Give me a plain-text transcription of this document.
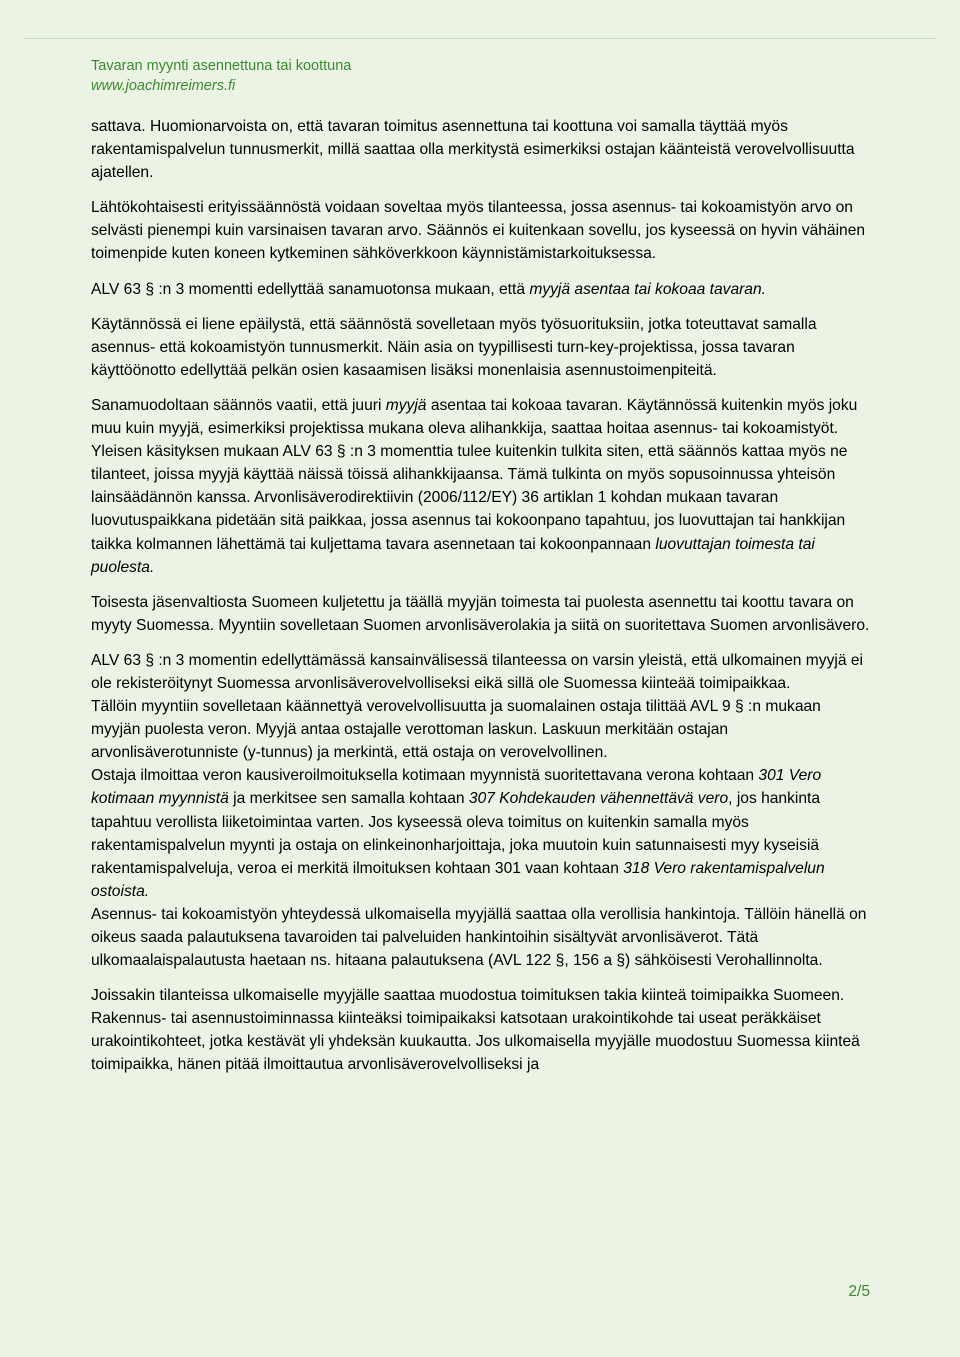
Tavaran myynti asennettuna tai koottuna
www.joachimreimers.fi

sattava. Huomionarvoista on, että tavaran toimitus asennettuna tai koottuna voi samalla täyttää myös rakentamispalvelun tunnusmerkit, millä saattaa olla merkitystä esimerkiksi ostajan käänteistä verovelvollisuutta ajatellen.

Lähtökohtaisesti erityissäännöstä voidaan soveltaa myös tilanteessa, jossa asennus- tai kokoamistyön arvo on selvästi pienempi kuin varsinaisen tavaran arvo. Säännös ei kuitenkaan sovellu, jos kyseessä on hyvin vähäinen toimenpide kuten koneen kytkeminen sähköverkkoon käynnistämistarkoituksessa.

ALV 63 § :n 3 momentti edellyttää sanamuotonsa mukaan, että myyjä asentaa tai kokoaa tavaran.

Käytännössä ei liene epäilystä, että säännöstä sovelletaan myös työsuorituksiin, jotka toteuttavat samalla asennus- että kokoamistyön tunnusmerkit. Näin asia on tyypillisesti turn-key-projektissa, jossa tavaran käyttöönotto edellyttää pelkän osien kasaamisen lisäksi monenlaisia asennustoimenpiteitä.

Sanamuodoltaan säännös vaatii, että juuri myyjä asentaa tai kokoaa tavaran. Käytännössä kuitenkin myös joku muu kuin myyjä, esimerkiksi projektissa mukana oleva alihankkija, saattaa hoitaa asennus- tai kokoamistyöt. Yleisen käsityksen mukaan ALV 63 § :n 3 momenttia tulee kuitenkin tulkita siten, että säännös kattaa myös ne tilanteet, joissa myyjä käyttää näissä töissä alihankkijaansa. Tämä tulkinta on myös sopusoinnussa yhteisön lainsäädännön kanssa. Arvonlisäverodirektiivin (2006/112/EY) 36 artiklan 1 kohdan mukaan tavaran luovutuspaikkana pidetään sitä paikkaa, jossa asennus tai kokoonpano tapahtuu, jos luovuttajan tai hankkijan taikka kolmannen lähettämä tai kuljettama tavara asennetaan tai kokoonpannaan luovuttajan toimesta tai puolesta.

Toisesta jäsenvaltiosta Suomeen kuljetettu ja täällä myyjän toimesta tai puolesta asennettu tai koottu tavara on myyty Suomessa. Myyntiin sovelletaan Suomen arvonlisäverolakia ja siitä on suoritettava Suomen arvonlisävero.

ALV 63 § :n 3 momentin edellyttämässä kansainvälisessä tilanteessa on varsin yleistä, että ulkomainen myyjä ei ole rekisteröitynyt Suomessa arvonlisäverovelvolliseksi eikä sillä ole Suomessa kiinteää toimipaikkaa.

Tällöin myyntiin sovelletaan käännettyä verovelvollisuutta ja suomalainen ostaja tilittää AVL 9 § :n mukaan myyjän puolesta veron. Myyjä antaa ostajalle verottoman laskun. Laskuun merkitään ostajan arvonlisäverotunniste (y-tunnus) ja merkintä, että ostaja on verovelvollinen.

Ostaja ilmoittaa veron kausiveroilmoituksella kotimaan myynnistä suoritettavana verona kohtaan 301 Vero kotimaan myynnistä ja merkitsee sen samalla kohtaan 307 Kohdekauden vähennettävä vero, jos hankinta tapahtuu verollista liiketoimintaa varten. Jos kyseessä oleva toimitus on kuitenkin samalla myös rakentamispalvelun myynti ja ostaja on elinkeinonharjoittaja, joka muutoin kuin satunnaisesti myy kyseisiä rakentamispalveluja, veroa ei merkitä ilmoituksen kohtaan 301 vaan kohtaan 318 Vero rakentamispalvelun ostoista.

Asennus- tai kokoamistyön yhteydessä ulkomaisella myyjällä saattaa olla verollisia hankintoja. Tällöin hänellä on oikeus saada palautuksena tavaroiden tai palveluiden hankintoihin sisältyvät arvonlisäverot. Tätä ulkomaalaispalautusta haetaan ns. hitaana palautuksena (AVL 122 §, 156 a §) sähköisesti Verohallinnolta.

Joissakin tilanteissa ulkomaiselle myyjälle saattaa muodostua toimituksen takia kiinteä toimipaikka Suomeen. Rakennus- tai asennustoiminnassa kiinteäksi toimipaikaksi katsotaan urakointikohde tai useat peräkkäiset urakointikohteet, jotka kestävät yli yhdeksän kuukautta. Jos ulkomaisella myyjälle muodostuu Suomessa kiinteä toimipaikka, hänen pitää ilmoittautua arvonlisäverovelvolliseksi ja

2/5
